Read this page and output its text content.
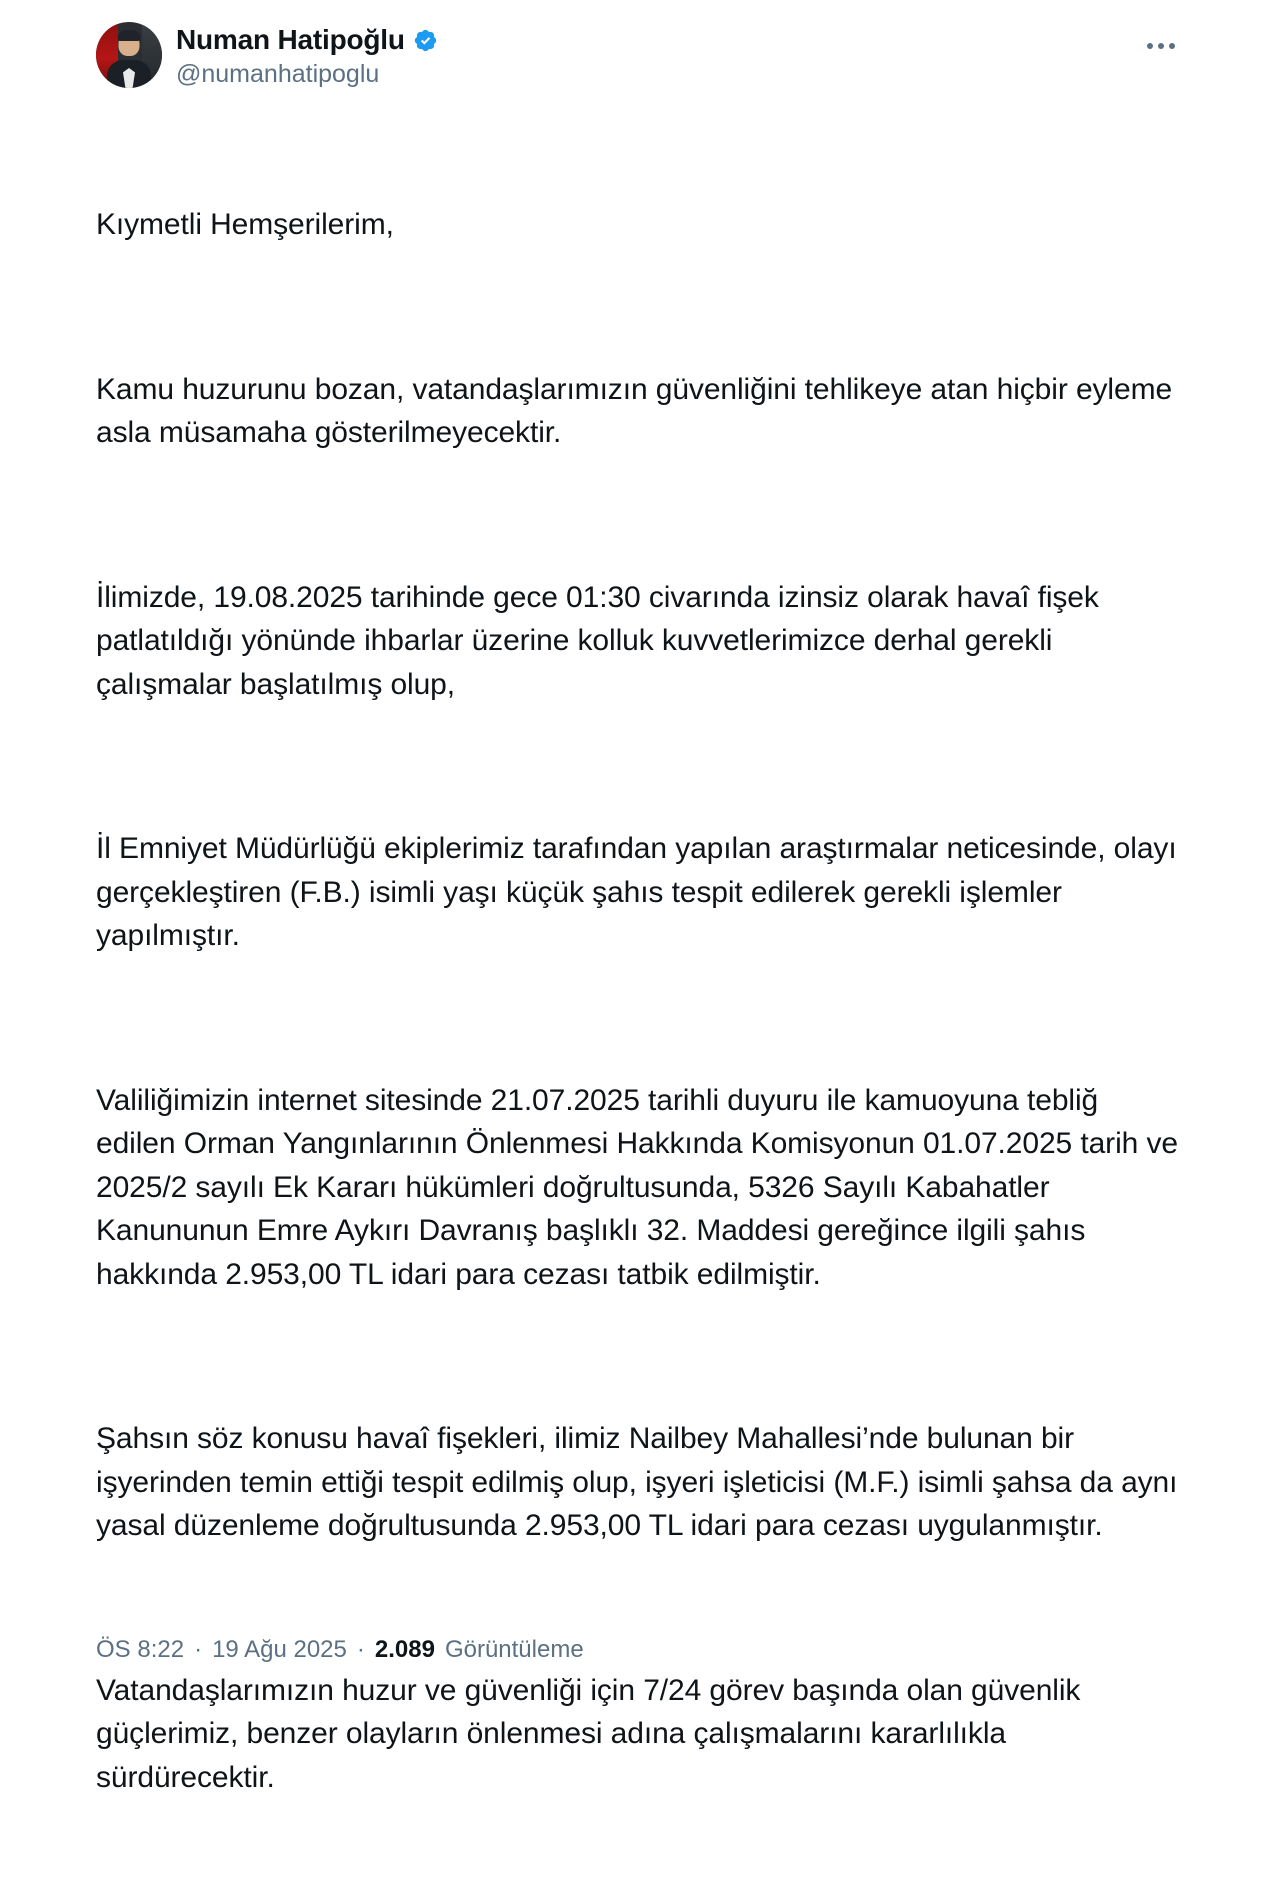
Numan Hatipoğlu
@numanhatipoglu

Kıymetli Hemşerilerim,

Kamu huzurunu bozan, vatandaşlarımızın güvenliğini tehlikeye atan hiçbir eyleme asla müsamaha gösterilmeyecektir.

İlimizde, 19.08.2025 tarihinde gece 01:30 civarında izinsiz olarak havaî fişek patlatıldığı yönünde ihbarlar üzerine kolluk kuvvetlerimizce derhal gerekli çalışmalar başlatılmış olup,

İl Emniyet Müdürlüğü ekiplerimiz tarafından yapılan araştırmalar neticesinde, olayı gerçekleştiren (F.B.) isimli yaşı küçük şahıs tespit edilerek gerekli işlemler yapılmıştır.

Valiliğimizin internet sitesinde 21.07.2025 tarihli duyuru ile kamuoyuna tebliğ edilen Orman Yangınlarının Önlenmesi Hakkında Komisyonun 01.07.2025 tarih ve 2025/2 sayılı Ek Kararı hükümleri doğrultusunda, 5326 Sayılı Kabahatler Kanununun Emre Aykırı Davranış başlıklı 32. Maddesi gereğince ilgili şahıs hakkında 2.953,00 TL idari para cezası tatbik edilmiştir.

Şahsın söz konusu havaî fişekleri, ilimiz Nailbey Mahallesi’nde bulunan bir işyerinden temin ettiği tespit edilmiş olup, işyeri işleticisi (M.F.) isimli şahsa da aynı yasal düzenleme doğrultusunda 2.953,00 TL idari para cezası uygulanmıştır.

Vatandaşlarımızın huzur ve güvenliği için 7/24 görev başında olan güvenlik güçlerimiz, benzer olayların önlenmesi adına çalışmalarını kararlılıkla sürdürecektir.

ÖS 8:22 · 19 Ağu 2025 · 2.089 Görüntüleme
